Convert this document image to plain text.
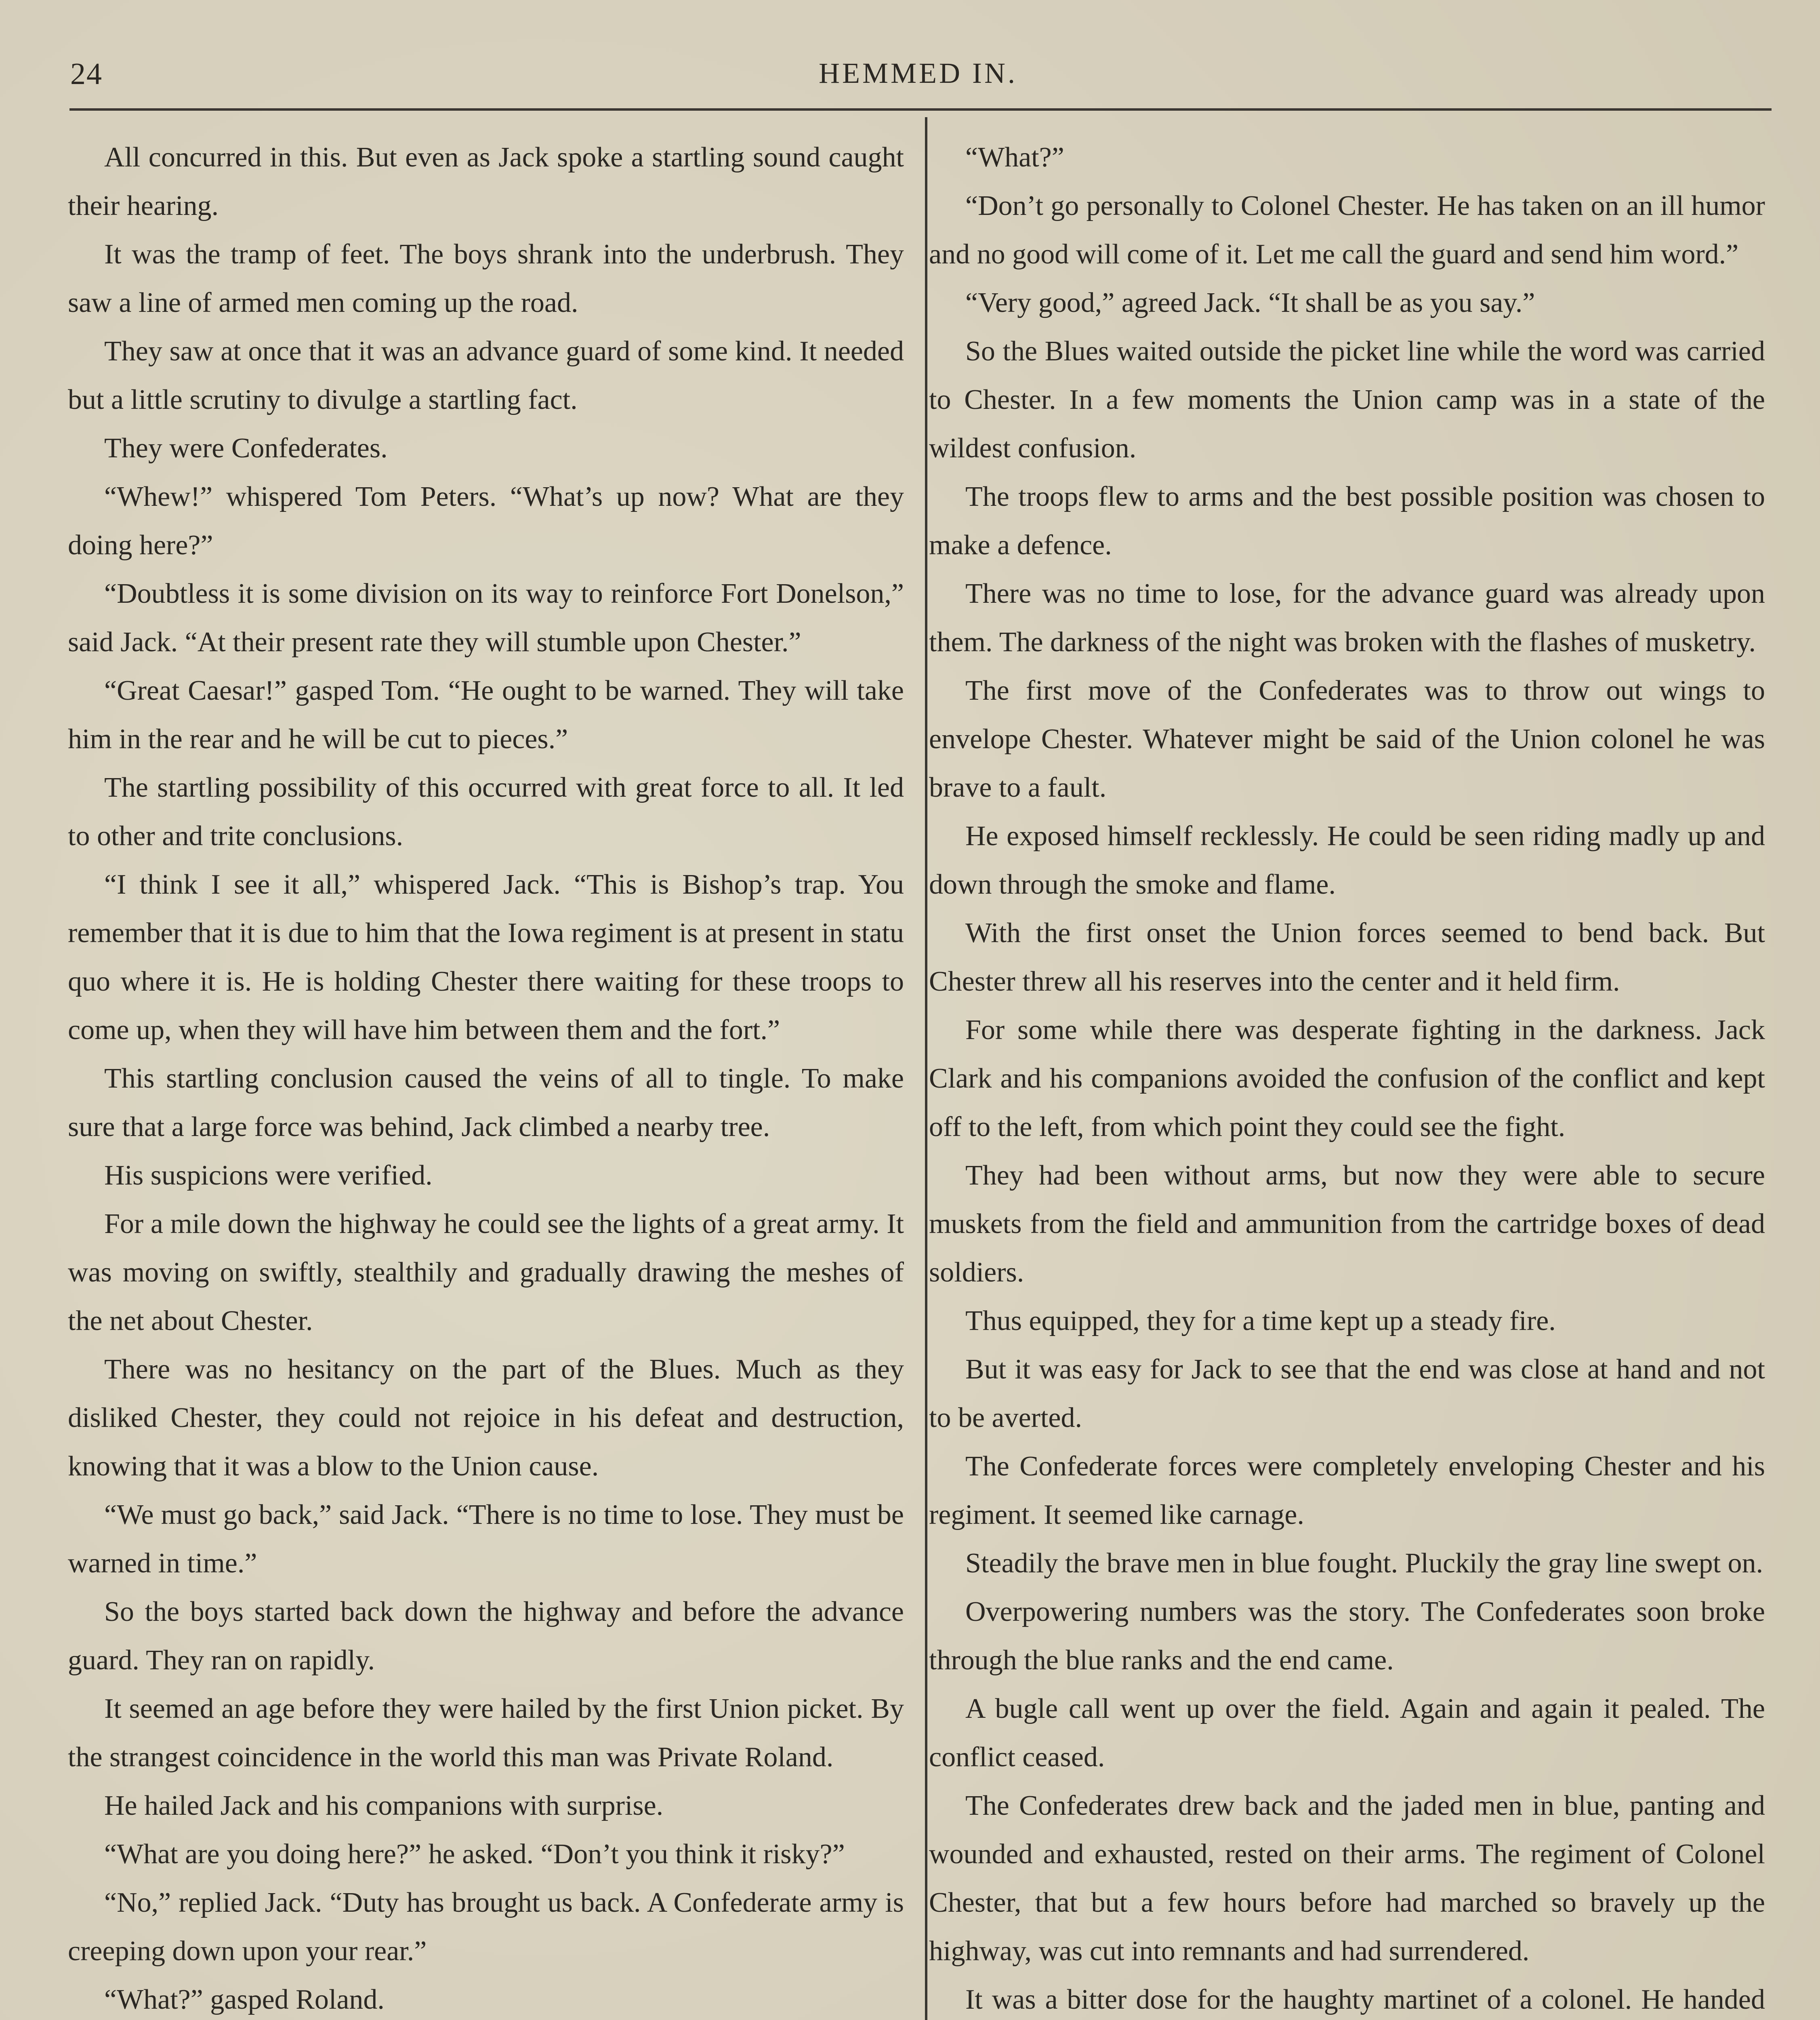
24	HEMMED IN.

All concurred in this. But even as Jack spoke a startling sound caught their hearing.

It was the tramp of feet. The boys shrank into the underbrush. They saw a line of armed men coming up the road.

They saw at once that it was an advance guard of some kind. It needed but a little scrutiny to divulge a startling fact.

They were Confederates.

“Whew!” whispered Tom Peters. “What’s up now? What are they doing here?”

“Doubtless it is some division on its way to reinforce Fort Donelson,” said Jack. “At their present rate they will stumble upon Chester.”

“Great Caesar!” gasped Tom. “He ought to be warned. They will take him in the rear and he will be cut to pieces.”

The startling possibility of this occurred with great force to all. It led to other and trite conclusions.

“I think I see it all,” whispered Jack. “This is Bishop’s trap. You remember that it is due to him that the Iowa regiment is at present in statu quo where it is. He is holding Chester there waiting for these troops to come up, when they will have him between them and the fort.”

This startling conclusion caused the veins of all to tingle. To make sure that a large force was behind, Jack climbed a nearby tree.

His suspicions were verified.

For a mile down the highway he could see the lights of a great army. It was moving on swiftly, stealthily and gradually drawing the meshes of the net about Chester.

There was no hesitancy on the part of the Blues. Much as they disliked Chester, they could not rejoice in his defeat and destruction, knowing that it was a blow to the Union cause.

“We must go back,” said Jack. “There is no time to lose. They must be warned in time.”

So the boys started back down the highway and before the advance guard. They ran on rapidly.

It seemed an age before they were hailed by the first Union picket. By the strangest coincidence in the world this man was Private Roland.

He hailed Jack and his companions with surprise.

“What are you doing here?” he asked. “Don’t you think it risky?”

“No,” replied Jack. “Duty has brought us back. A Confederate army is creeping down upon your rear.”

“What?” gasped Roland.

“What?”

“Don’t go personally to Colonel Chester. He has taken on an ill humor and no good will come of it. Let me call the guard and send him word.”

“Very good,” agreed Jack. “It shall be as you say.”

So the Blues waited outside the picket line while the word was carried to Chester. In a few moments the Union camp was in a state of the wildest confusion.

The troops flew to arms and the best possible position was chosen to make a defence.

There was no time to lose, for the advance guard was already upon them. The darkness of the night was broken with the flashes of musketry.

The first move of the Confederates was to throw out wings to envelope Chester. Whatever might be said of the Union colonel he was brave to a fault.

He exposed himself recklessly. He could be seen riding madly up and down through the smoke and flame.

With the first onset the Union forces seemed to bend back. But Chester threw all his reserves into the center and it held firm.

For some while there was desperate fighting in the darkness. Jack Clark and his companions avoided the confusion of the conflict and kept off to the left, from which point they could see the fight.

They had been without arms, but now they were able to secure muskets from the field and ammunition from the cartridge boxes of dead soldiers.

Thus equipped, they for a time kept up a steady fire.

But it was easy for Jack to see that the end was close at hand and not to be averted.

The Confederate forces were completely enveloping Chester and his regiment. It seemed like carnage.

Steadily the brave men in blue fought. Pluckily the gray line swept on.

Overpowering numbers was the story. The Confederates soon broke through the blue ranks and the end came.

A bugle call went up over the field. Again and again it pealed. The conflict ceased.

The Confederates drew back and the jaded men in blue, panting and wounded and exhausted, rested on their arms. The regiment of Colonel Chester, that but a few hours before had marched so bravely up the highway, was cut into remnants and had surrendered.

It was a bitter dose for the haughty martinet of a colonel. He handed
